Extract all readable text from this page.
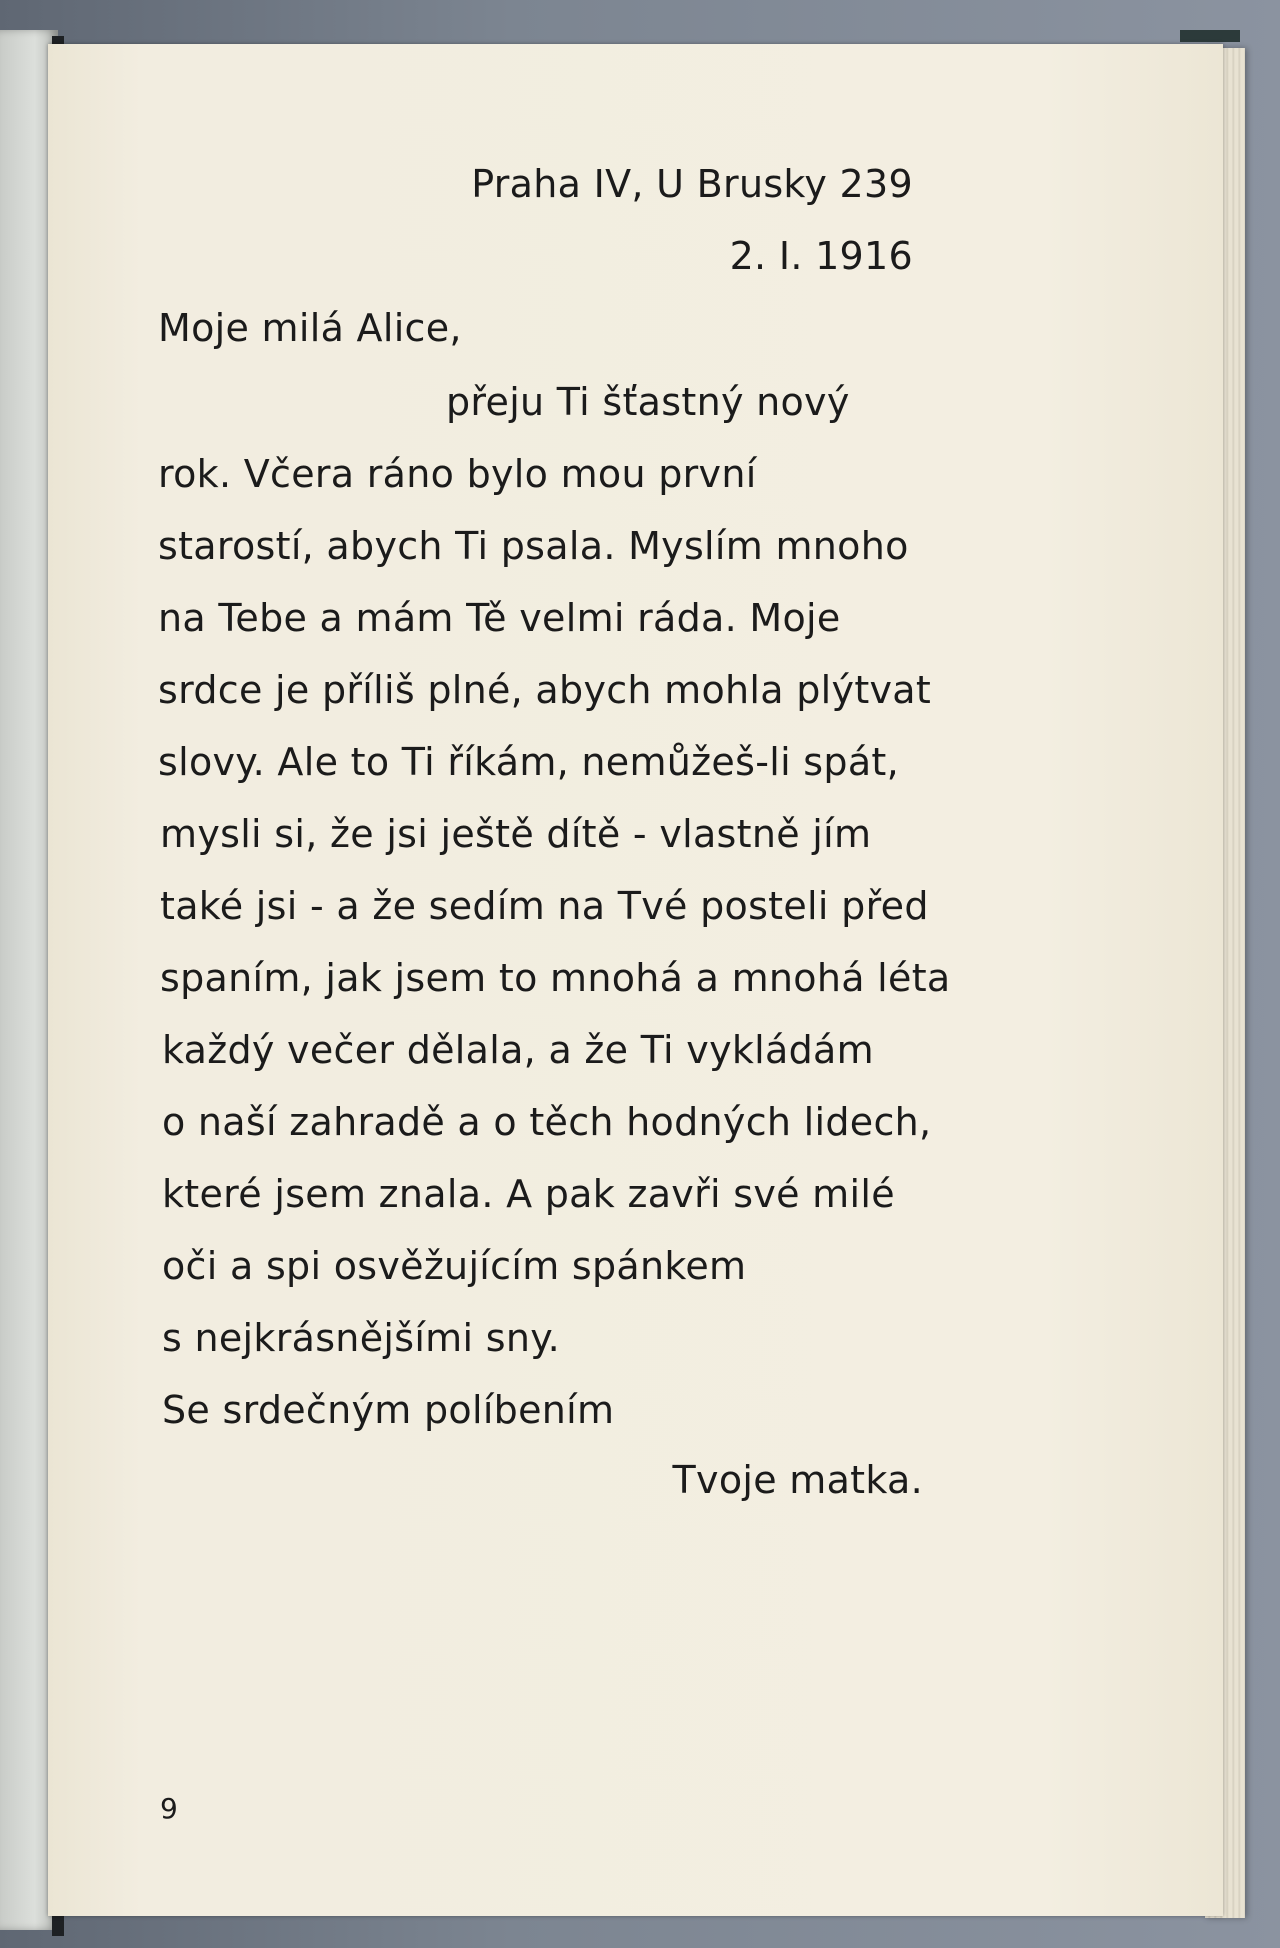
Praha IV, U Brusky 239
2. I. 1916
Moje milá Alice,
přeju Ti šťastný nový
rok. Včera ráno bylo mou první
starostí, abych Ti psala. Myslím mnoho
na Tebe a mám Tě velmi ráda. Moje
srdce je příliš plné, abych mohla plýtvat
slovy. Ale to Ti říkám, nemůžeš-li spát,
mysli si, že jsi ještě dítě - vlastně jím
také jsi - a že sedím na Tvé posteli před
spaním, jak jsem to mnohá a mnohá léta
každý večer dělala, a že Ti vykládám
o naší zahradě a o těch hodných lidech,
které jsem znala. A pak zavři své milé
oči a spi osvěžujícím spánkem
s nejkrásnějšími sny.
Se srdečným políbením
Tvoje matka.
9
